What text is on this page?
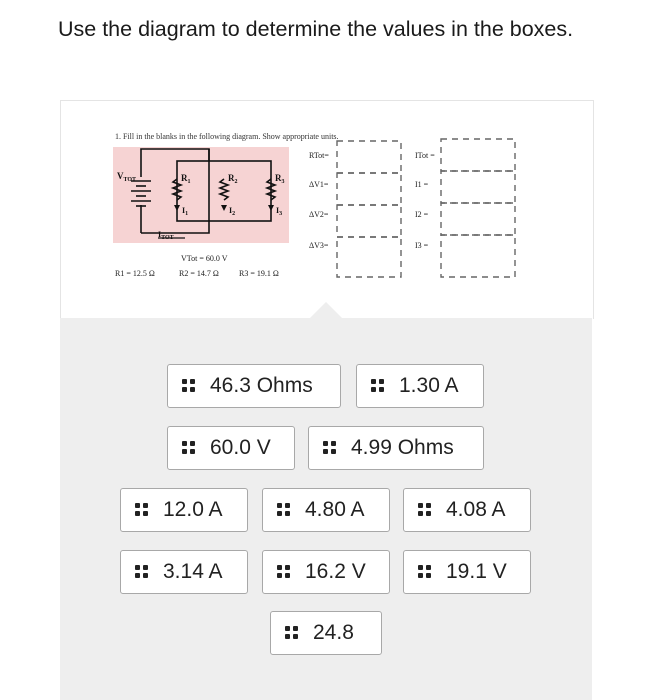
Use the diagram to determine the values in the boxes.
1. Fill in the blanks in the following diagram. Show appropriate units.
$V_{TOT}$	$R_1$	$R_2$	$R_3$
$I_1$	$I_2$	$I_3$
$I_{TOT}$
VTot = 60.0 V
R1 = 12.5 Ω	R2 = 14.7 Ω	R3 = 19.1 Ω
RTot=
ΔV1=
ΔV2=
ΔV3=
ITot =
I1 =
I2 =
I3 =
46.3 Ohms	1.30 A
60.0 V	4.99 Ohms
12.0 A	4.80 A	4.08 A
3.14 A	16.2 V	19.1 V
24.8
